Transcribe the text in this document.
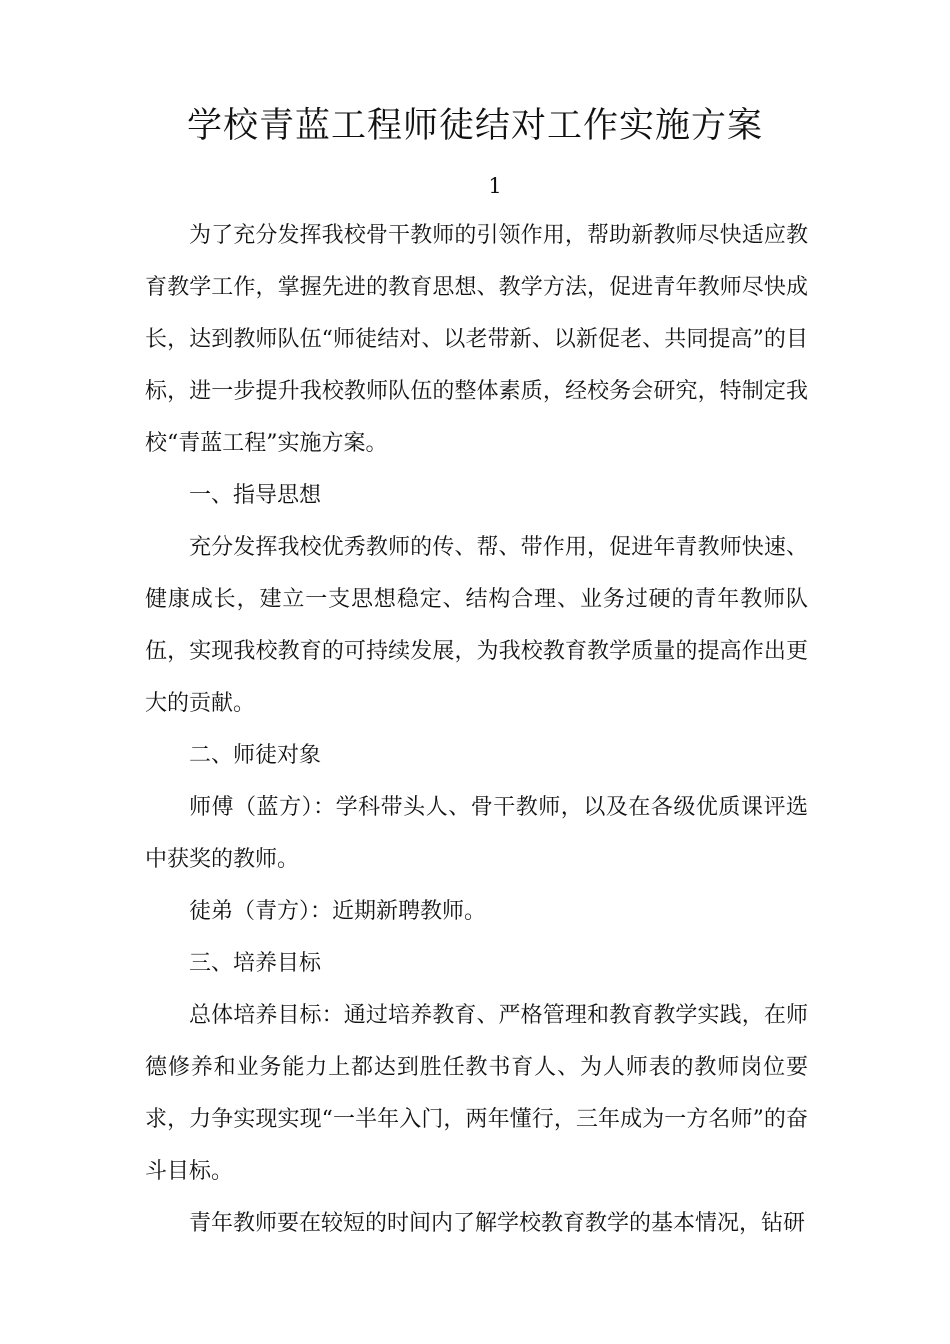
学校青蓝工程师徒结对工作实施方案
1

为了充分发挥我校骨干教师的引领作用，帮助新教师尽快适应教育教学工作，掌握先进的教育思想、教学方法，促进青年教师尽快成长，达到教师队伍“师徒结对、以老带新、以新促老、共同提高”的目标，进一步提升我校教师队伍的整体素质，经校务会研究，特制定我校“青蓝工程”实施方案。

一、指导思想

充分发挥我校优秀教师的传、帮、带作用，促进年青教师快速、健康成长，建立一支思想稳定、结构合理、业务过硬的青年教师队伍，实现我校教育的可持续发展，为我校教育教学质量的提高作出更大的贡献。

二、师徒对象

师傅（蓝方）：学科带头人、骨干教师，以及在各级优质课评选中获奖的教师。

徒弟（青方）：近期新聘教师。

三、培养目标

总体培养目标：通过培养教育、严格管理和教育教学实践，在师德修养和业务能力上都达到胜任教书育人、为人师表的教师岗位要求，力争实现实现“一半年入门，两年懂行，三年成为一方名师”的奋斗目标。

青年教师要在较短的时间内了解学校教育教学的基本情况，钻研
